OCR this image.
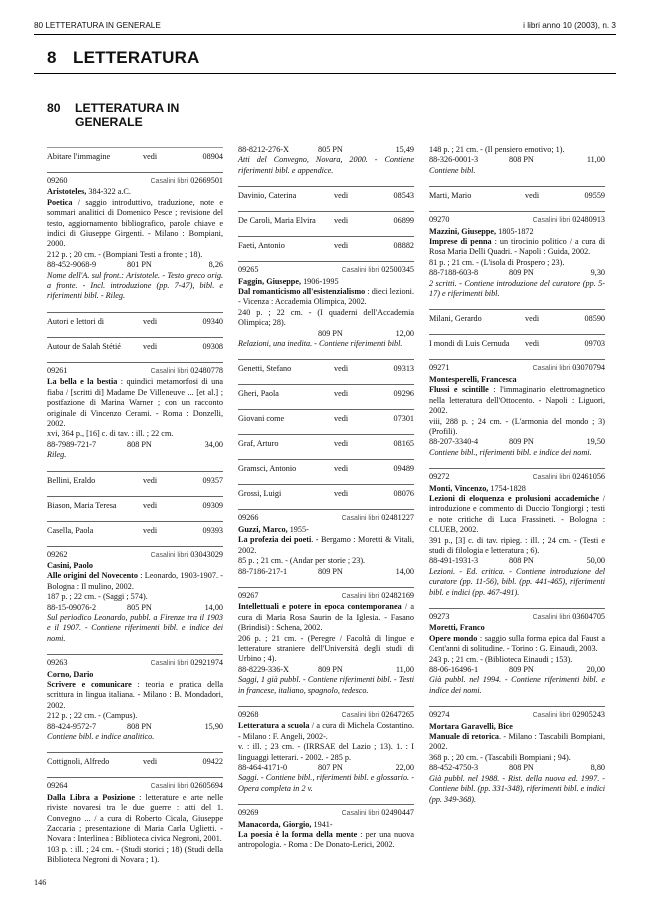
80 LETTERATURA IN GENERALE	i libri anno 10 (2003), n. 3
8 LETTERATURA
80	LETTERATURA IN GENERALE
Abitare l'immagine	vedi	08904
09260	Casalini libri 02669501
Aristoteles, 384-322 a.C.

Poetica / saggio introduttivo, traduzione, note e sommari analitici di Domenico Pesce ; revisione del testo, aggiornamento bibliografico, parole chiave e indici di Giuseppe Girgenti. - Milano : Bompiani, 2000.

212 p. ; 20 cm. - (Bompiani Testi a fronte ; 18).

88-452-9068-9	801 PN	8,26

Nome dell'A. sul front.: Aristotele. - Testo greco orig. a fronte. - Incl. introduzione (pp. 7-47), bibl. e riferimenti bibl. - Rileg.

Autori e lettori di	vedi	09340
Autour de Salah Stétié	vedi	09308
09261	Casalini libri 02480778

La bella e la bestia : quindici metamorfosi di una fiaba / [scritti di] Madame De Villeneuve ... [et al.] ; postfazione di Marina Warner ; con un racconto originale di Vincenzo Cerami. - Roma : Donzelli, 2002.

xvi, 364 p., [16] c. di tav. : ill. ; 22 cm.

88-7989-721-7	808 PN	34,00

Rileg.

Bellini, Eraldo	vedi	09357
Biason, Maria Teresa	vedi	09309
Casella, Paola	vedi	09393
09262	Casalini libri 03043029
Casini, Paolo

Alle origini del Novecento : Leonardo, 1903-1907. - Bologna : Il mulino, 2002.

187 p. ; 22 cm. - (Saggi ; 574).

88-15-09076-2	805 PN	14,00

Sul periodico Leonardo, pubbl. a Firenze tra il 1903 e il 1907. - Contiene riferimenti bibl. e indice dei nomi.

09263	Casalini libri 02921974
Corno, Dario

Scrivere e comunicare : teoria e pratica della scrittura in lingua italiana. - Milano : B. Mondadori, 2002.

212 p. ; 22 cm. - (Campus).

88-424-9572-7	808 PN	15,90

Contiene bibl. e indice analitico.

Cottignoli, Alfredo	vedi	09422
09264	Casalini libri 02605694

Dalla Libra a Posizione : letterature e arte nelle riviste novaresi tra le due guerre : atti del 1. Convegno ... / a cura di Roberto Cicala, Giuseppe Zaccaria ; presentazione di Maria Carla Uglietti. - Novara : Interlinea : Biblioteca civica Negroni, 2001.

103 p. : ill. ; 24 cm. - (Studi storici ; 18) (Studi della Biblioteca Negroni di Novara ; 1).

88-8212-276-X	805 PN	15,49

Atti del Convegno, Novara, 2000. - Contiene riferimenti bibl. e appendice.

Davinio, Caterina	vedi	08543
De Caroli, Maria Elvira	vedi	06899
Faeti, Antonio	vedi	08882
09265	Casalini libri 02500345
Faggin, Giuseppe, 1906-1995

Dal romanticismo all'esistenzialismo : dieci lezioni. - Vicenza : Accademia Olimpica, 2002.

240 p. ; 22 cm. - (I quaderni dell'Accademia Olimpica; 28).

809 PN	12,00

Relazioni, una inedita. - Contiene riferimenti bibl.

Genetti, Stefano	vedi	09313
Gheri, Paola	vedi	09296
Giovani come	vedi	07301
Graf, Arturo	vedi	08165
Gramsci, Antonio	vedi	09489
Grossi, Luigi	vedi	08076
09266	Casalini libri 02481227
Guzzi, Marco, 1955-

La profezia dei poeti. - Bergamo : Moretti & Vitali, 2002.

85 p. ; 21 cm. - (Andar per storie ; 23).

88-7186-217-1	809 PN	14,00
09267	Casalini libri 02482169

Intellettuali e potere in epoca contemporanea / a cura di Maria Rosa Saurin de la Iglesia. - Fasano (Brindisi) : Schena, 2002.

206 p. ; 21 cm. - (Peregre / Facoltà di lingue e letterature straniere dell'Università degli studi di Urbino ; 4).

88-8229-336-X	809 PN	11,00

Saggi, 1 già pubbl. - Contiene riferimenti bibl. - Testi in francese, italiano, spagnolo, tedesco.

09268	Casalini libri 02647265

Letteratura a scuola / a cura di Michela Costantino. - Milano : F. Angeli, 2002-.

v. : ill. ; 23 cm. - (IRRSAE del Lazio ; 13). 1. : I linguaggi letterari. - 2002. - 285 p.

88-464-4171-0	807 PN	22,00

Saggi. - Contiene bibl., riferimenti bibl. e glossario. - Opera completa in 2 v.

09269	Casalini libri 02490447
Manacorda, Giorgio, 1941-

La poesia è la forma della mente : per una nuova antropologia. - Roma : De Donato-Lerici, 2002.

148 p. ; 21 cm. - (Il pensiero emotivo; 1).

88-326-0001-3	808 PN	11,00

Contiene bibl.

Marti, Mario	vedi	09559
09270	Casalini libri 02480913
Mazzini, Giuseppe, 1805-1872

Imprese di penna : un tirocinio politico / a cura di Rosa Maria Delli Quadri. - Napoli : Guida, 2002.

81 p. ; 21 cm. - (L'isola di Prospero ; 23).

88-7188-603-8	809 PN	9,30

2 scritti. - Contiene introduzione del curatore (pp. 5-17) e riferimenti bibl.

Milani, Gerardo	vedi	08590
I mondi di Luis Cernuda	vedi	09703
09271	Casalini libri 03070794
Montesperelli, Francesca

Flussi e scintille : l'immaginario elettromagnetico nella letteratura dell'Ottocento. - Napoli : Liguori, 2002.

viii, 288 p. ; 24 cm. - (L'armonia del mondo ; 3) (Profili).

88-207-3340-4	809 PN	19,50

Contiene bibl., riferimenti bibl. e indice dei nomi.

09272	Casalini libri 02461056
Monti, Vincenzo, 1754-1828

Lezioni di eloquenza e prolusioni accademiche / introduzione e commento di Duccio Tongiorgi ; testi e note critiche di Luca Frassineti. - Bologna : CLUEB, 2002.

391 p., [3] c. di tav. ripieg. : ill. ; 24 cm. - (Testi e studi di filologia e letteratura ; 6).

88-491-1931-3	808 PN	50,00

Lezioni. - Ed. critica. - Contiene introduzione del curatore (pp. 11-56), bibl. (pp. 441-465), riferimenti bibl. e indici (pp. 467-491).

09273	Casalini libri 03604705
Moretti, Franco

Opere mondo : saggio sulla forma epica dal Faust a Cent'anni di solitudine. - Torino : G. Einaudi, 2003.

243 p. ; 21 cm. - (Biblioteca Einaudi ; 153).

88-06-16496-1	809 PN	20,00

Già pubbl. nel 1994. - Contiene riferimenti bibl. e indice dei nomi.

09274	Casalini libri 02905243
Mortara Garavelli, Bice

Manuale di retorica. - Milano : Tascabili Bompiani, 2002.

368 p. ; 20 cm. - (Tascabili Bompiani ; 94).

88-452-4750-3	808 PN	8,80

Già pubbl. nel 1988. - Rist. della nuova ed. 1997. - Contiene bibl. (pp. 331-348), riferimenti bibl. e indici (pp. 349-368).

146
